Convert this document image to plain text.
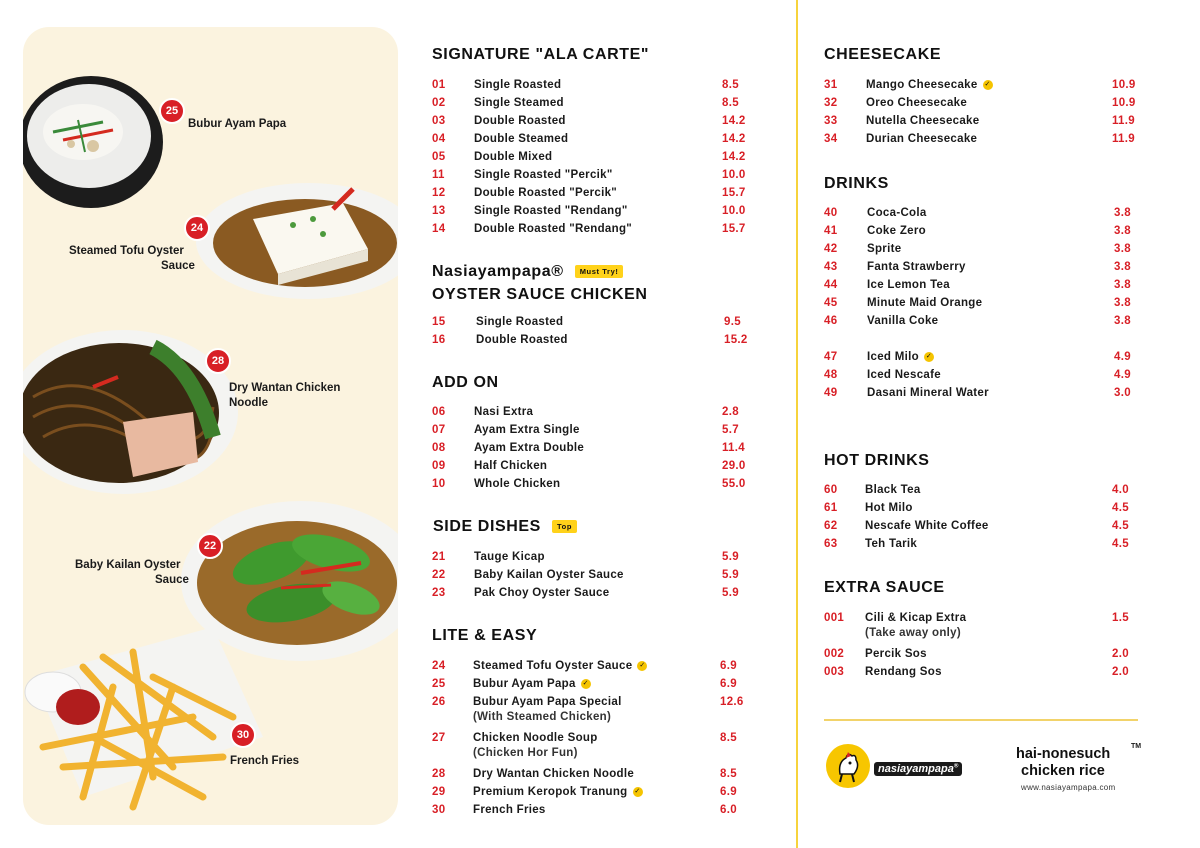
25
Bubur Ayam Papa
24
Steamed Tofu Oyster
Sauce
28
Dry Wantan Chicken
Noodle
22
Baby Kailan Oyster
Sauce
30
French Fries
SIGNATURE "ALA CARTE"
01	Single Roasted	8.5
02	Single Steamed	8.5
03	Double Roasted	14.2
04	Double Steamed	14.2
05	Double Mixed	14.2
11	Single Roasted "Percik"	10.0
12	Double Roasted "Percik"	15.7
13	Single Roasted "Rendang"	10.0
14	Double Roasted "Rendang"	15.7
Nasiayampapa® Must Try!
OYSTER SAUCE CHICKEN
15	Single Roasted	9.5
16	Double Roasted	15.2
ADD ON
06	Nasi Extra	2.8
07	Ayam Extra Single	5.7
08	Ayam Extra Double	11.4
09	Half Chicken	29.0
10	Whole Chicken	55.0
SIDE DISHES Top
21	Tauge Kicap	5.9
22	Baby Kailan Oyster Sauce	5.9
23	Pak Choy Oyster Sauce	5.9
LITE & EASY
24	Steamed Tofu Oyster Sauce ✓	6.9
25	Bubur Ayam Papa ✓	6.9
26	Bubur Ayam Papa Special	12.6
(With Steamed Chicken)
27	Chicken Noodle Soup	8.5
(Chicken Hor Fun)
28	Dry Wantan Chicken Noodle	8.5
29	Premium Keropok Tranung ✓	6.9
30	French Fries	6.0
CHEESECAKE
31	Mango Cheesecake ✓	10.9
32	Oreo Cheesecake	10.9
33	Nutella Cheesecake	11.9
34	Durian Cheesecake	11.9
DRINKS
40	Coca-Cola	3.8
41	Coke Zero	3.8
42	Sprite	3.8
43	Fanta Strawberry	3.8
44	Ice Lemon Tea	3.8
45	Minute Maid Orange	3.8
46	Vanilla Coke	3.8
47	Iced Milo ✓	4.9
48	Iced Nescafe	4.9
49	Dasani Mineral Water	3.0
HOT DRINKS
60	Black Tea	4.0
61	Hot Milo	4.5
62	Nescafe White Coffee	4.5
63	Teh Tarik	4.5
EXTRA SAUCE
001	Cili & Kicap Extra	1.5
(Take away only)
002	Percik Sos	2.0
003	Rendang Sos	2.0
nasiayampapa®
hai-nonesuch	TM
chicken rice
www.nasiayampapa.com
